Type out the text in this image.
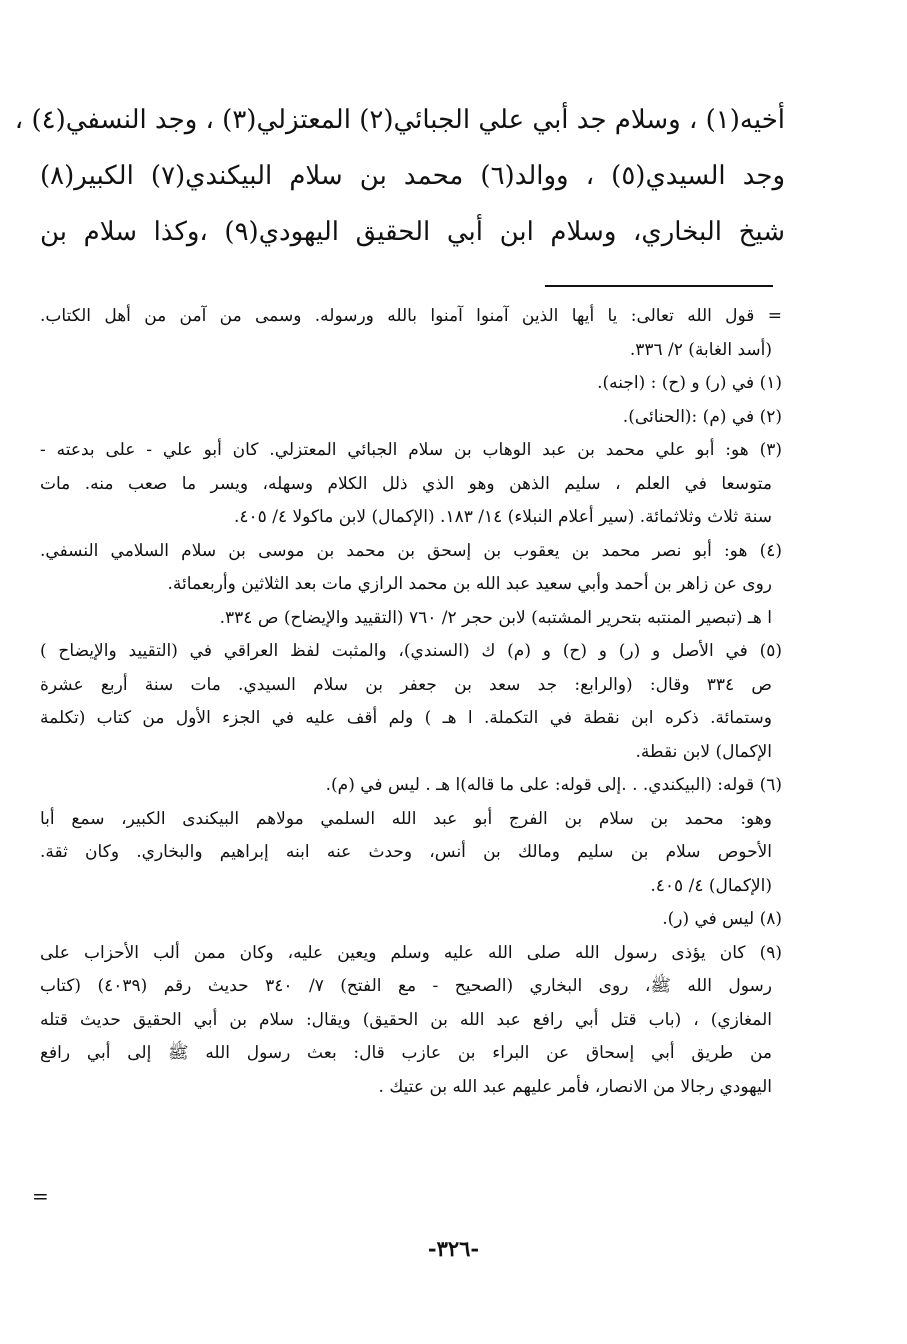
أخيه(١) ، وسلام جد أبي علي الجبائي(٢) المعتزلي(٣) ، وجد النسفي(٤) ،
وجد السيدي(٥) ، ووالد(٦) محمد بن سلام البيكندي(٧) الكبير(٨)
شيخ البخاري، وسلام ابن أبي الحقيق اليهودي(٩) ،وكذا سلام بن
= قول الله تعالى: يا أيها الذين آمنوا آمنوا بالله ورسوله. وسمى من آمن من أهل الكتاب.
(أسد الغابة) ٢/ ٣٣٦.
(١) في (ر) و (ح) : (اجنه).
(٢) في (م) :(الحنائى).
(٣) هو: أبو علي محمد بن عبد الوهاب بن سلام الجبائي المعتزلي. كان أبو علي - على بدعته -
متوسعا في العلم ، سليم الذهن وهو الذي ذلل الكلام وسهله، ويسر ما صعب منه. مات
سنة ثلاث وثلاثمائة. (سير أعلام النبلاء) ١٤/ ١٨٣. (الإكمال) لابن ماكولا ٤/ ٤٠٥.
(٤) هو: أبو نصر محمد بن يعقوب بن إسحق بن محمد بن موسى بن سلام السلامي النسفي.
روى عن زاهر بن أحمد وأبي سعيد عبد الله بن محمد الرازي مات بعد الثلاثين وأربعمائة.
ا هـ (تبصير المنتبه بتحرير المشتبه) لابن حجر ٢/ ٧٦٠ (التقييد والإيضاح) ص ٣٣٤.
(٥) في الأصل و (ر) و (ح) و (م) ك (السندي)، والمثبت لفظ العراقي في (التقييد والإيضاح )
ص ٣٣٤ وقال: (والرابع: جد سعد بن جعفر بن سلام السيدي. مات سنة أربع عشرة
وستمائة. ذكره ابن نقطة في التكملة. ا هـ ) ولم أقف عليه في الجزء الأول من كتاب (تكلمة
الإكمال) لابن نقطة.
(٦) قوله: (البيكندي. . .إلى قوله: على ما قاله)ا هـ . ليس في (م).
وهو: محمد بن سلام بن الفرج أبو عبد الله السلمي مولاهم البيكندى الكبير، سمع أبا
الأحوص سلام بن سليم ومالك بن أنس، وحدث عنه ابنه إبراهيم والبخاري. وكان ثقة.
(الإكمال) ٤/ ٤٠٥.
(٨) ليس في (ر).
(٩) كان يؤذى رسول الله صلى الله عليه وسلم ويعين عليه، وكان ممن ألب الأحزاب على
رسول الله ﷺ، روى البخاري (الصحيح - مع الفتح) ٧/ ٣٤٠ حديث رقم (٤٠٣٩) (كتاب
المغازي) ، (باب قتل أبي رافع عبد الله بن الحقيق) ويقال: سلام بن أبي الحقيق حديث قتله
من طريق أبي إسحاق عن البراء بن عازب قال: بعث رسول الله ﷺ إلى أبي رافع
اليهودي رجالا من الانصار، فأمر عليهم عبد الله بن عتيك .
=
-٣٢٦-
